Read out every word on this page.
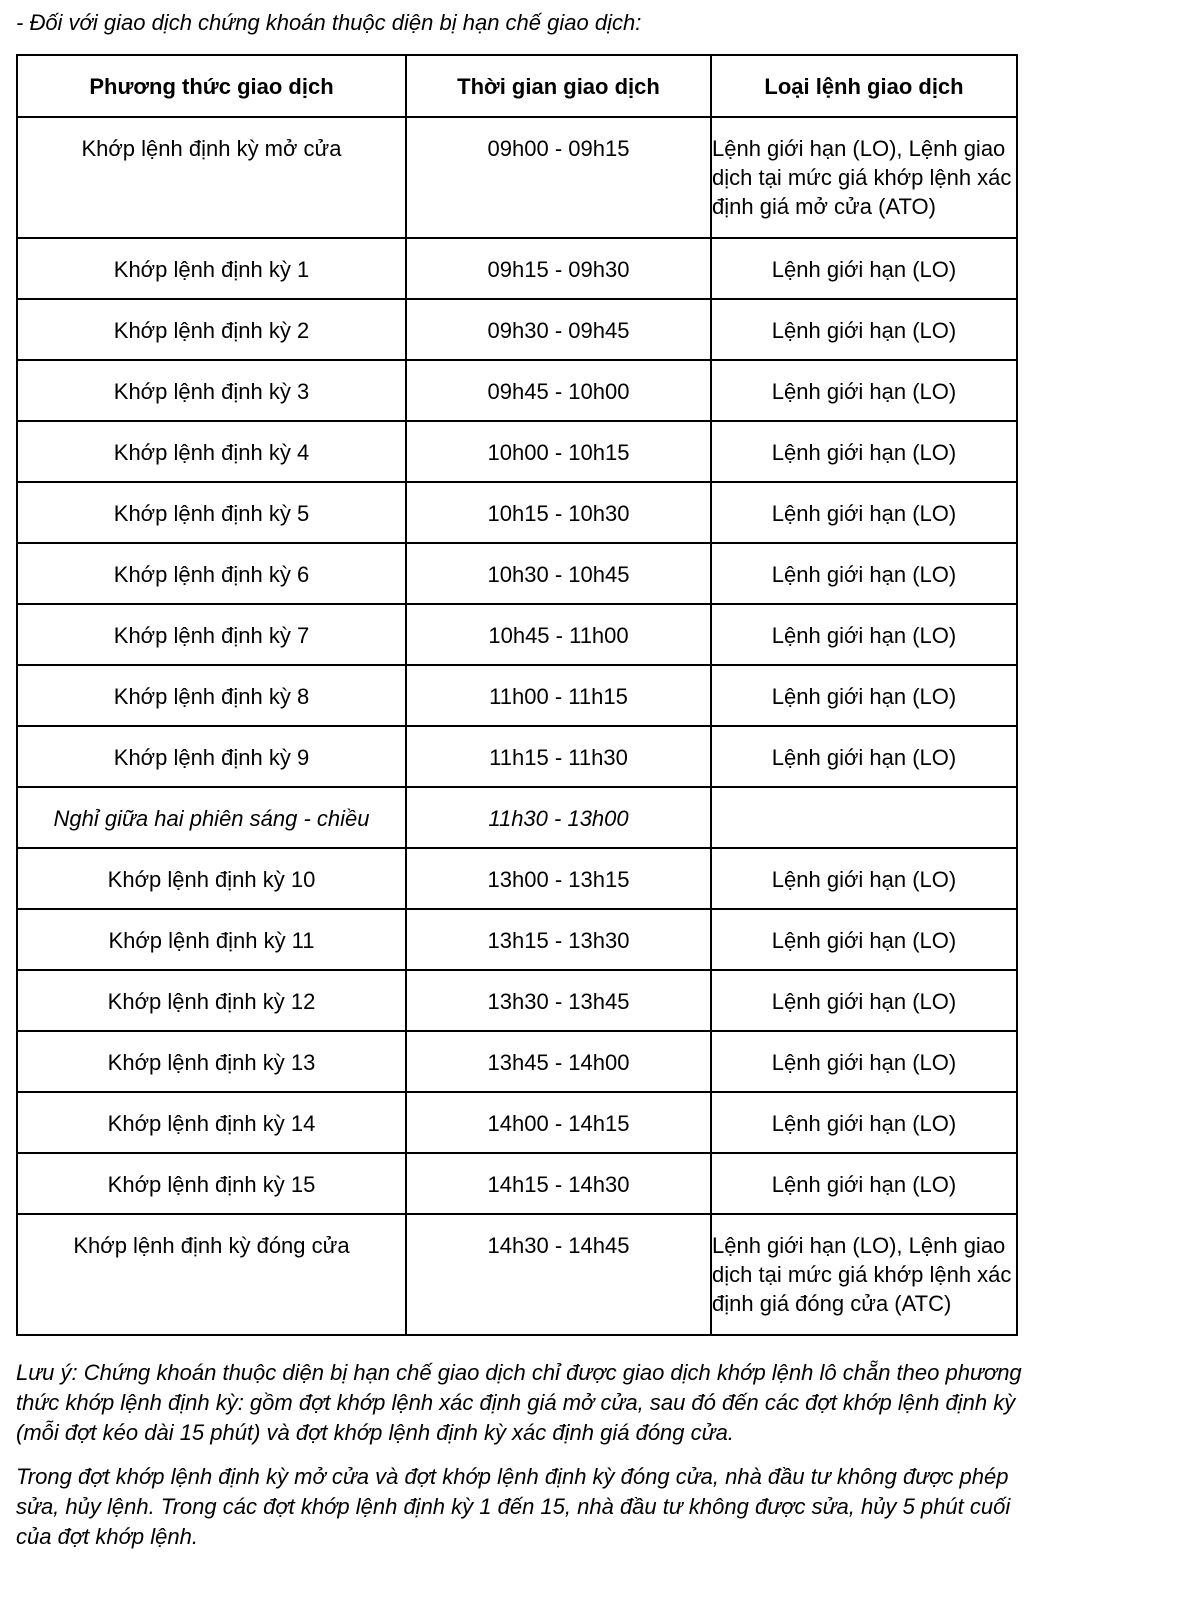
- Đối với giao dịch chứng khoán thuộc diện bị hạn chế giao dịch:
Phương thức giao dịch	Thời gian giao dịch	Loại lệnh giao dịch
Khớp lệnh định kỳ mở cửa	09h00 - 09h15	Lệnh giới hạn (LO), Lệnh giao dịch tại mức giá khớp lệnh xác định giá mở cửa (ATO)
Khớp lệnh định kỳ 1	09h15 - 09h30	Lệnh giới hạn (LO)
Khớp lệnh định kỳ 2	09h30 - 09h45	Lệnh giới hạn (LO)
Khớp lệnh định kỳ 3	09h45 - 10h00	Lệnh giới hạn (LO)
Khớp lệnh định kỳ 4	10h00 - 10h15	Lệnh giới hạn (LO)
Khớp lệnh định kỳ 5	10h15 - 10h30	Lệnh giới hạn (LO)
Khớp lệnh định kỳ 6	10h30 - 10h45	Lệnh giới hạn (LO)
Khớp lệnh định kỳ 7	10h45 - 11h00	Lệnh giới hạn (LO)
Khớp lệnh định kỳ 8	11h00 - 11h15	Lệnh giới hạn (LO)
Khớp lệnh định kỳ 9	11h15 - 11h30	Lệnh giới hạn (LO)
Nghỉ giữa hai phiên sáng - chiều	11h30 - 13h00	
Khớp lệnh định kỳ 10	13h00 - 13h15	Lệnh giới hạn (LO)
Khớp lệnh định kỳ 11	13h15 - 13h30	Lệnh giới hạn (LO)
Khớp lệnh định kỳ 12	13h30 - 13h45	Lệnh giới hạn (LO)
Khớp lệnh định kỳ 13	13h45 - 14h00	Lệnh giới hạn (LO)
Khớp lệnh định kỳ 14	14h00 - 14h15	Lệnh giới hạn (LO)
Khớp lệnh định kỳ 15	14h15 - 14h30	Lệnh giới hạn (LO)
Khớp lệnh định kỳ đóng cửa	14h30 - 14h45	Lệnh giới hạn (LO), Lệnh giao dịch tại mức giá khớp lệnh xác định giá đóng cửa (ATC)

Lưu ý: Chứng khoán thuộc diện bị hạn chế giao dịch chỉ được giao dịch khớp lệnh lô chẵn theo phương thức khớp lệnh định kỳ: gồm đợt khớp lệnh xác định giá mở cửa, sau đó đến các đợt khớp lệnh định kỳ (mỗi đợt kéo dài 15 phút) và đợt khớp lệnh định kỳ xác định giá đóng cửa.

Trong đợt khớp lệnh định kỳ mở cửa và đợt khớp lệnh định kỳ đóng cửa, nhà đầu tư không được phép sửa, hủy lệnh. Trong các đợt khớp lệnh định kỳ 1 đến 15, nhà đầu tư không được sửa, hủy 5 phút cuối của đợt khớp lệnh.
